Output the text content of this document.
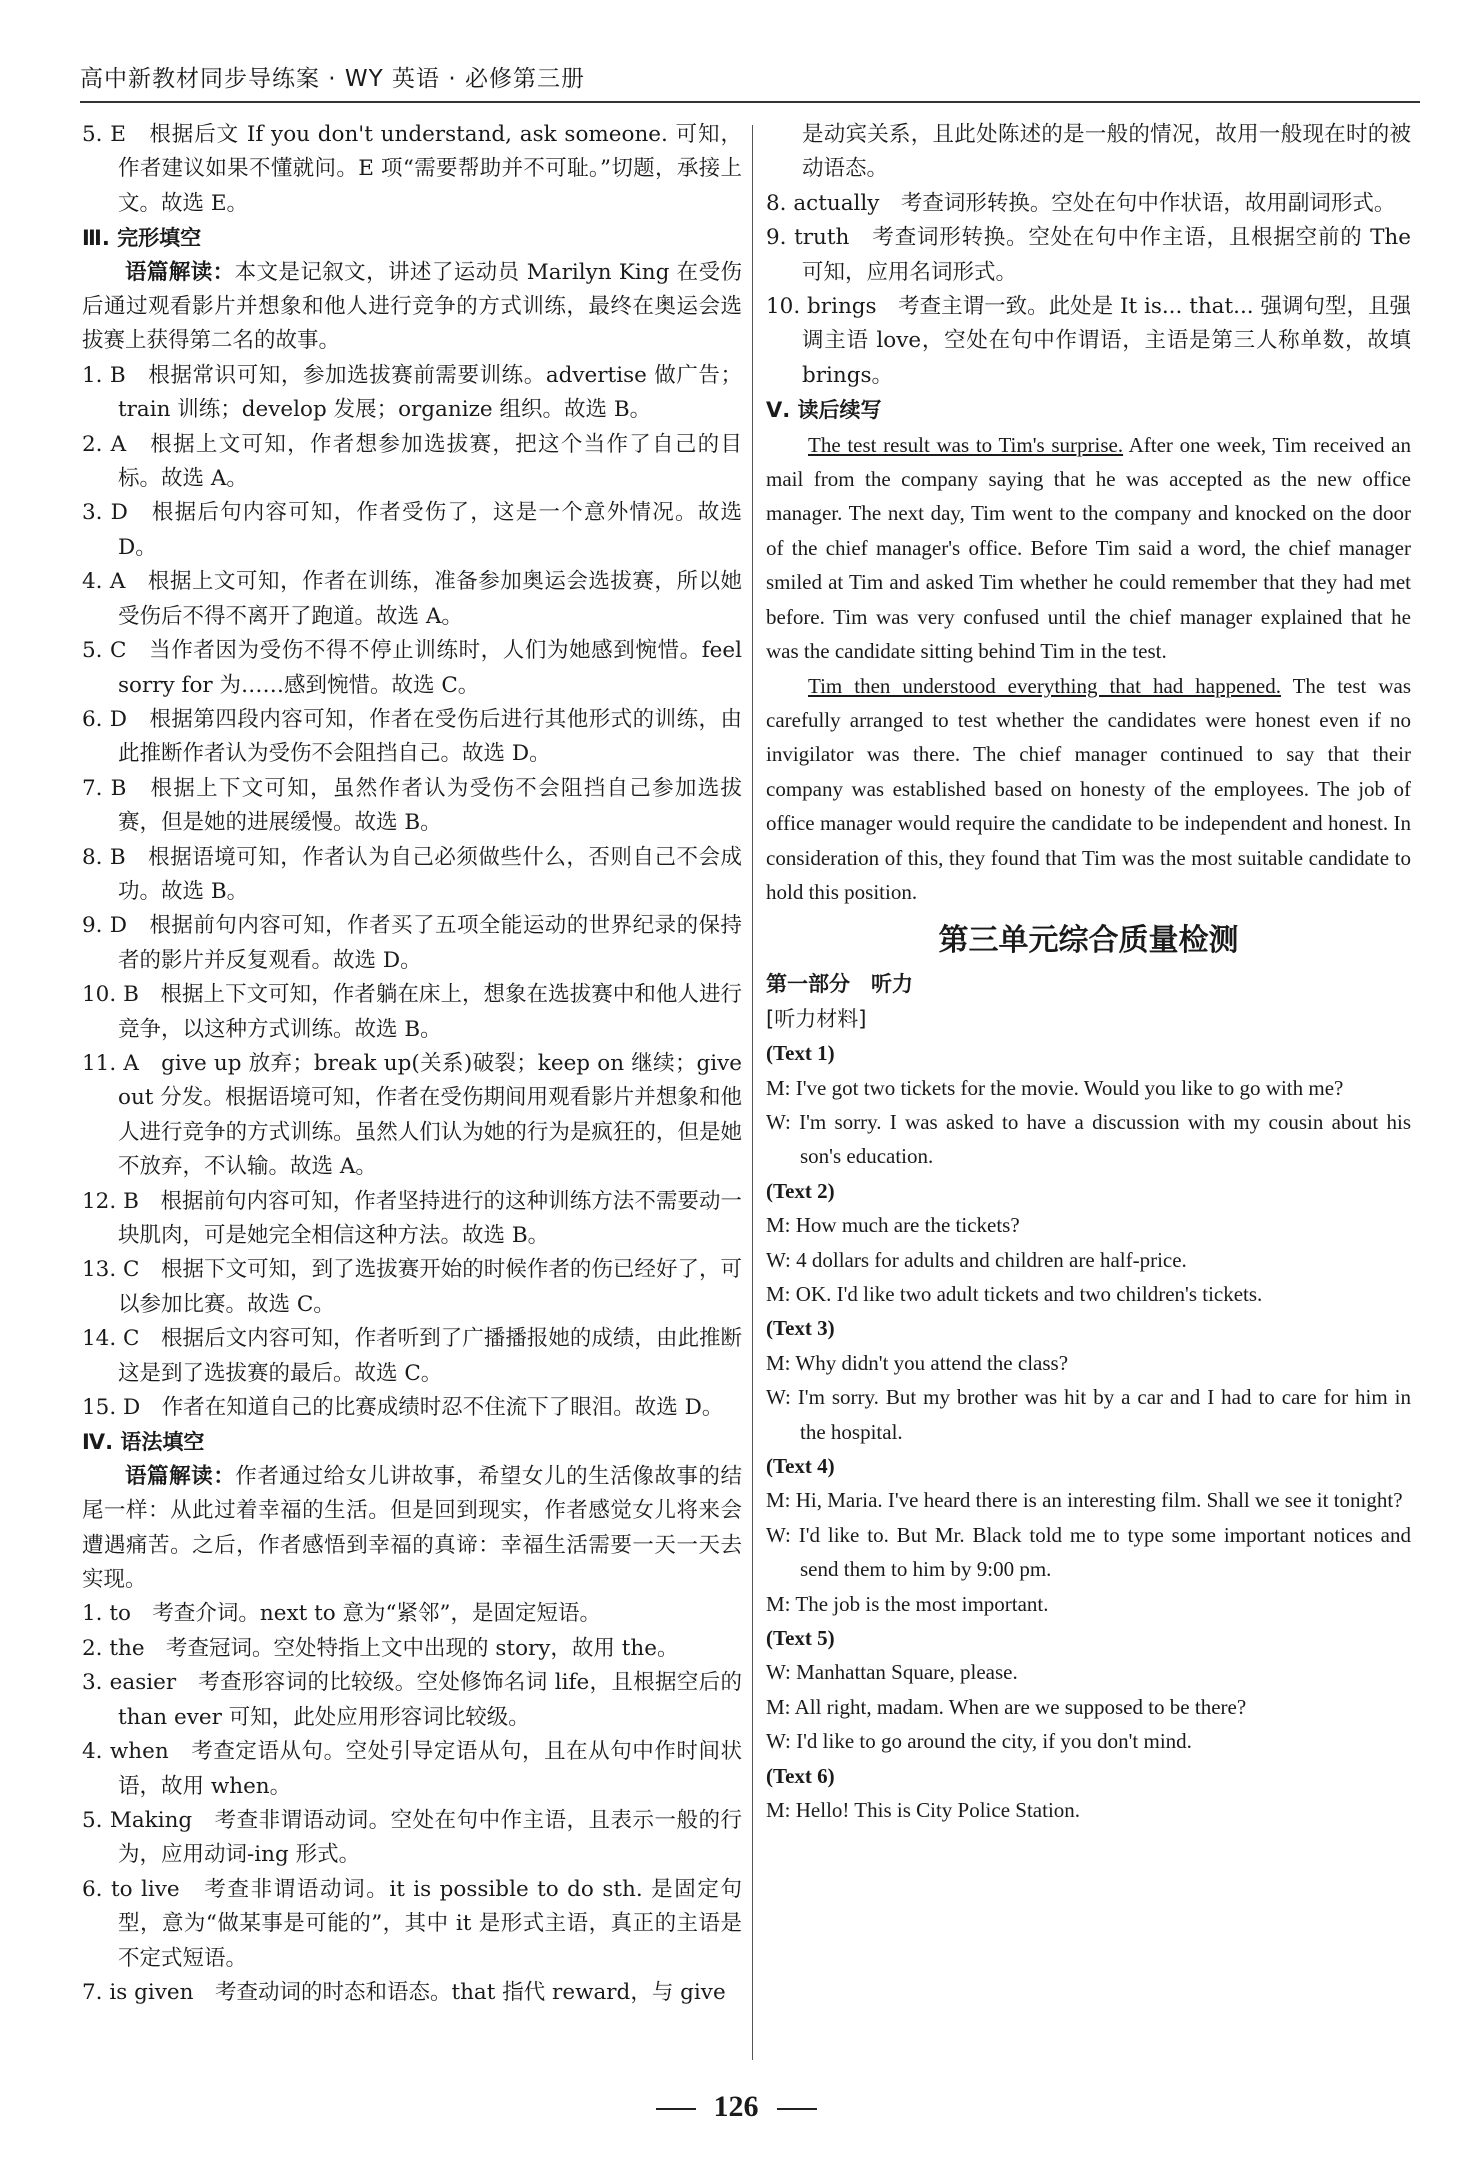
高中新教材同步导练案 · WY 英语 · 必修第三册

5. E　根据后文 If you don't understand, ask someone. 可知，作者建议如果不懂就问。E 项“需要帮助并不可耻。”切题，承接上文。故选 E。

Ⅲ. 完形填空

语篇解读：本文是记叙文，讲述了运动员 Marilyn King 在受伤后通过观看影片并想象和他人进行竞争的方式训练，最终在奥运会选拔赛上获得第二名的故事。

1. B　根据常识可知，参加选拔赛前需要训练。advertise 做广告；train 训练；develop 发展；organize 组织。故选 B。

2. A　根据上文可知，作者想参加选拔赛，把这个当作了自己的目标。故选 A。

3. D　根据后句内容可知，作者受伤了，这是一个意外情况。故选 D。

4. A　根据上文可知，作者在训练，准备参加奥运会选拔赛，所以她受伤后不得不离开了跑道。故选 A。

5. C　当作者因为受伤不得不停止训练时，人们为她感到惋惜。feel sorry for 为……感到惋惜。故选 C。

6. D　根据第四段内容可知，作者在受伤后进行其他形式的训练，由此推断作者认为受伤不会阻挡自己。故选 D。

7. B　根据上下文可知，虽然作者认为受伤不会阻挡自己参加选拔赛，但是她的进展缓慢。故选 B。

8. B　根据语境可知，作者认为自己必须做些什么，否则自己不会成功。故选 B。

9. D　根据前句内容可知，作者买了五项全能运动的世界纪录的保持者的影片并反复观看。故选 D。

10. B　根据上下文可知，作者躺在床上，想象在选拔赛中和他人进行竞争，以这种方式训练。故选 B。

11. A　give up 放弃；break up(关系)破裂；keep on 继续；give out 分发。根据语境可知，作者在受伤期间用观看影片并想象和他人进行竞争的方式训练。虽然人们认为她的行为是疯狂的，但是她不放弃，不认输。故选 A。

12. B　根据前句内容可知，作者坚持进行的这种训练方法不需要动一块肌肉，可是她完全相信这种方法。故选 B。

13. C　根据下文可知，到了选拔赛开始的时候作者的伤已经好了，可以参加比赛。故选 C。

14. C　根据后文内容可知，作者听到了广播播报她的成绩，由此推断这是到了选拔赛的最后。故选 C。

15. D　作者在知道自己的比赛成绩时忍不住流下了眼泪。故选 D。

Ⅳ. 语法填空

语篇解读：作者通过给女儿讲故事，希望女儿的生活像故事的结尾一样：从此过着幸福的生活。但是回到现实，作者感觉女儿将来会遭遇痛苦。之后，作者感悟到幸福的真谛：幸福生活需要一天一天去实现。

1. to　考查介词。next to 意为“紧邻”，是固定短语。

2. the　考查冠词。空处特指上文中出现的 story，故用 the。

3. easier　考查形容词的比较级。空处修饰名词 life，且根据空后的 than ever 可知，此处应用形容词比较级。

4. when　考查定语从句。空处引导定语从句，且在从句中作时间状语，故用 when。

5. Making　考查非谓语动词。空处在句中作主语，且表示一般的行为，应用动词-ing 形式。

6. to live　考查非谓语动词。it is possible to do sth. 是固定句型，意为“做某事是可能的”，其中 it 是形式主语，真正的主语是不定式短语。

7. is given　考查动词的时态和语态。that 指代 reward，与 give

是动宾关系，且此处陈述的是一般的情况，故用一般现在时的被动语态。

8. actually　考查词形转换。空处在句中作状语，故用副词形式。

9. truth　考查词形转换。空处在句中作主语，且根据空前的 The 可知，应用名词形式。

10. brings　考查主谓一致。此处是 It is... that... 强调句型，且强调主语 love，空处在句中作谓语，主语是第三人称单数，故填 brings。

Ⅴ. 读后续写

The test result was to Tim's surprise. After one week, Tim received an mail from the company saying that he was accepted as the new office manager. The next day, Tim went to the company and knocked on the door of the chief manager's office. Before Tim said a word, the chief manager smiled at Tim and asked Tim whether he could remember that they had met before. Tim was very confused until the chief manager explained that he was the candidate sitting behind Tim in the test.

Tim then understood everything that had happened. The test was carefully arranged to test whether the candidates were honest even if no invigilator was there. The chief manager continued to say that their company was established based on honesty of the employees. The job of office manager would require the candidate to be independent and honest. In consideration of this, they found that Tim was the most suitable candidate to hold this position.

第三单元综合质量检测
第一部分　听力
[听力材料]
(Text 1)

M: I've got two tickets for the movie. Would you like to go with me?

W: I'm sorry. I was asked to have a discussion with my cousin about his son's education.

(Text 2)

M: How much are the tickets?

W: 4 dollars for adults and children are half-price.

M: OK. I'd like two adult tickets and two children's tickets.

(Text 3)

M: Why didn't you attend the class?

W: I'm sorry. But my brother was hit by a car and I had to care for him in the hospital.

(Text 4)

M: Hi, Maria. I've heard there is an interesting film. Shall we see it tonight?

W: I'd like to. But Mr. Black told me to type some important notices and send them to him by 9:00 pm.

M: The job is the most important.

(Text 5)

W: Manhattan Square, please.

M: All right, madam. When are we supposed to be there?

W: I'd like to go around the city, if you don't mind.

(Text 6)

M: Hello! This is City Police Station.

126
